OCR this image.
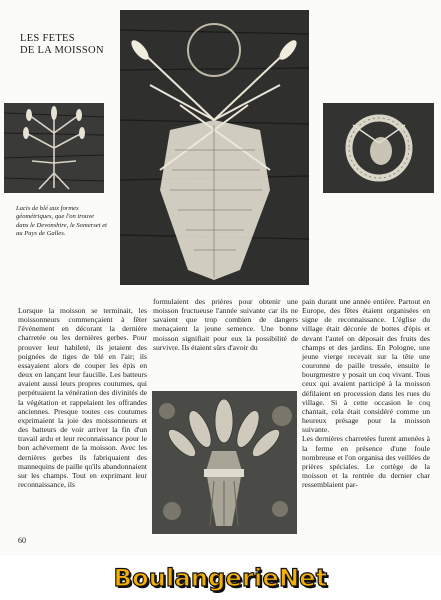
LES FETES
DE LA MOISSON
Lacis de blé aux formes géométriques, que l'on trouve dans le Devonshire, le Somerset et au Pays de Galles.

Lorsque la moisson se terminait, les moissonneurs commençaient à fêter l'événement en décorant la dernière charretée ou les dernières gerbes. Pour prouver leur habileté, ils jetaient des poignées de tiges de blé en l'air; ils essayaient alors de couper les épis en deux en lançant leur faucille. Les batteurs avaient aussi leurs propres coutumes, qui perpétuaient la vénération des divinités de la végétation et rappelaient les offrandes anciennes. Presque toutes ces coutumes exprimaient la joie des moissonneurs et des batteurs de voir arriver la fin d'un travail ardu et leur reconnaissance pour le bon achèvement de la moisson. Avec les dernières gerbes ils fabriquaient des mannequins de paille qu'ils abandonnaient sur les champs. Tout en exprimant leur reconnaissance, ils

formulaient des prières pour obtenir une moisson fructueuse l'année suivante car ils ne savaient que trop combien de dangers menaçaient la jeune semence. Une bonne moisson signifiait pour eux la possibilité de survivre. Ils étaient sûrs d'avoir du

pain durant une année entière. Partout en Europe, des fêtes étaient organisées en signe de reconnaissance. L'église du village était décorée de bottes d'épis et devant l'autel on déposait des fruits des champs et des jardins. En Pologne, une jeune vierge recevait sur la tête une couronne de paille tressée, ensuite le bourgmestre y posait un coq vivant. Tous ceux qui avaient participé à la moisson défilaient en procession dans les rues du village. Si à cette occasion le coq chantait, cela était considéré comme un heureux présage pour la moisson suivante.

Les dernières charretées furent amenées à la ferme en présence d'une foule nombreuse et l'on organisa des veillées de prières spéciales. Le cortège de la moisson et la rentrée du dernier char ressemblaient par-

60
BoulangerieNet
